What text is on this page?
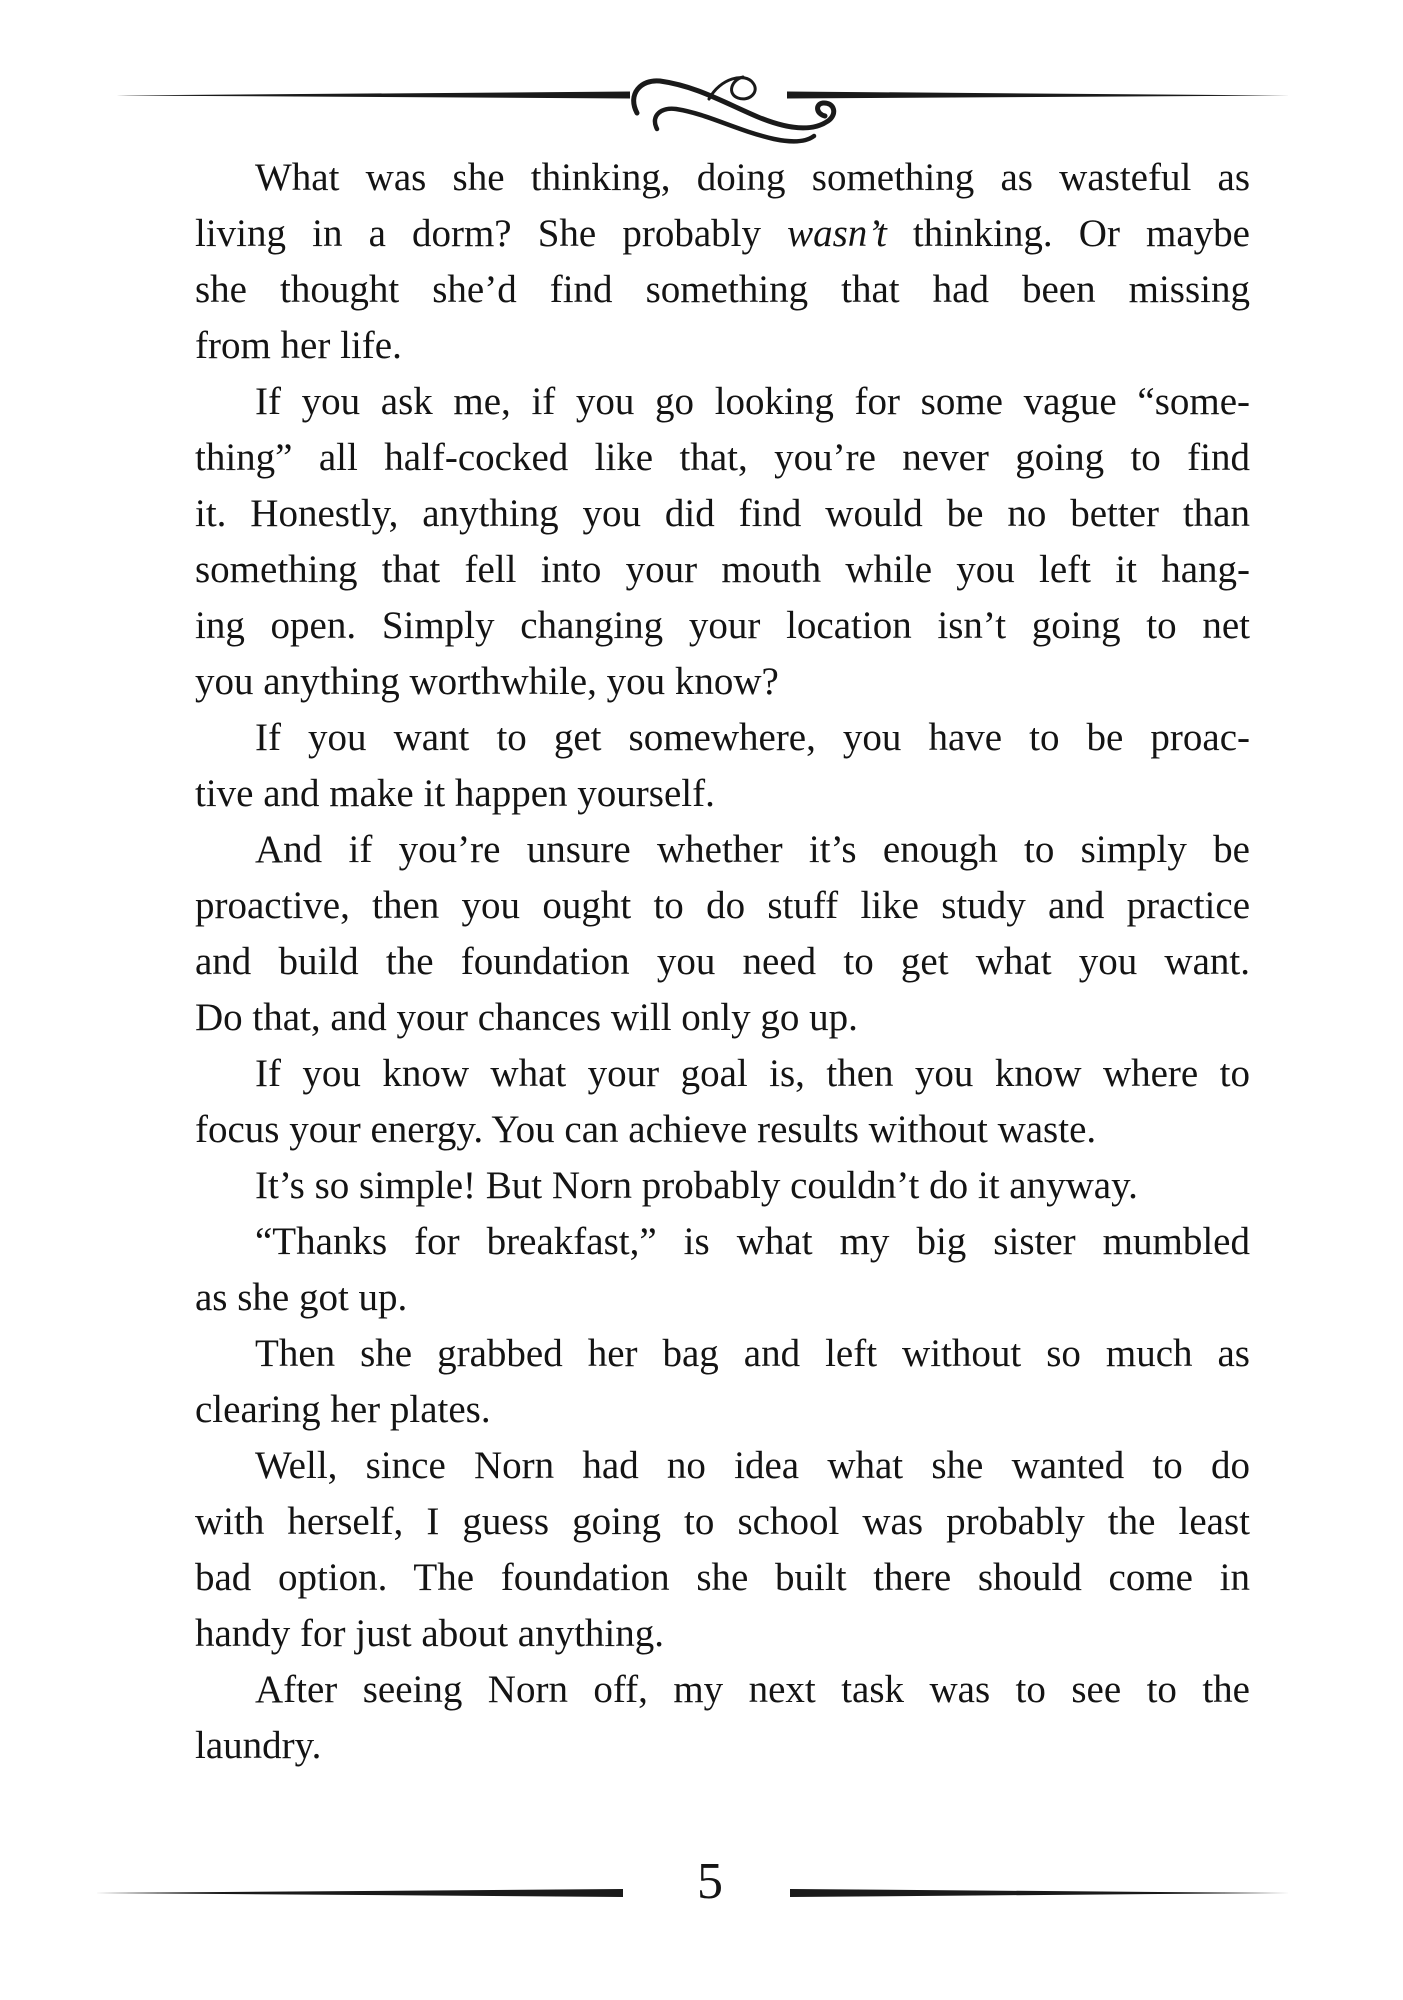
What was she thinking, doing something as wasteful as
living in a dorm? She probably wasn’t thinking. Or maybe
she thought she’d find something that had been missing
from her life.
If you ask me, if you go looking for some vague “some-
thing” all half-cocked like that, you’re never going to find
it. Honestly, anything you did find would be no better than
something that fell into your mouth while you left it hang-
ing open. Simply changing your location isn’t going to net
you anything worthwhile, you know?
If you want to get somewhere, you have to be proac-
tive and make it happen yourself.
And if you’re unsure whether it’s enough to simply be
proactive, then you ought to do stuff like study and practice
and build the foundation you need to get what you want.
Do that, and your chances will only go up.
If you know what your goal is, then you know where to
focus your energy. You can achieve results without waste.
It’s so simple! But Norn probably couldn’t do it anyway.
“Thanks for breakfast,” is what my big sister mumbled
as she got up.
Then she grabbed her bag and left without so much as
clearing her plates.
Well, since Norn had no idea what she wanted to do
with herself, I guess going to school was probably the least
bad option. The foundation she built there should come in
handy for just about anything.
After seeing Norn off, my next task was to see to the
laundry.
5
